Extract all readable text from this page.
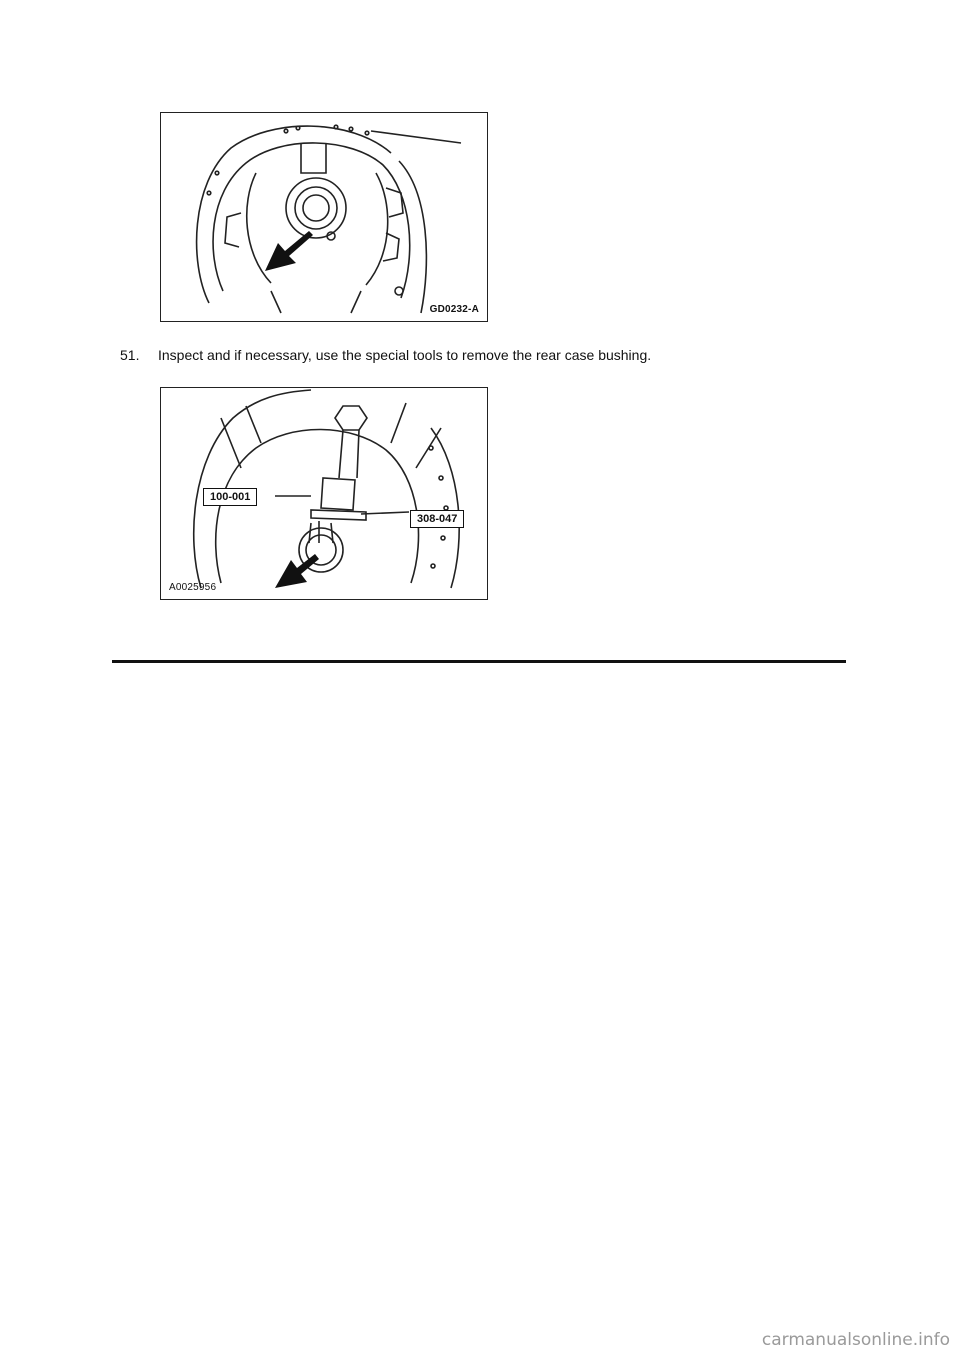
GD0232-A
51.	Inspect and if necessary, use the special tools to remove the rear case bushing.
100-001
308-047
A0025956
carmanualsonline.info
